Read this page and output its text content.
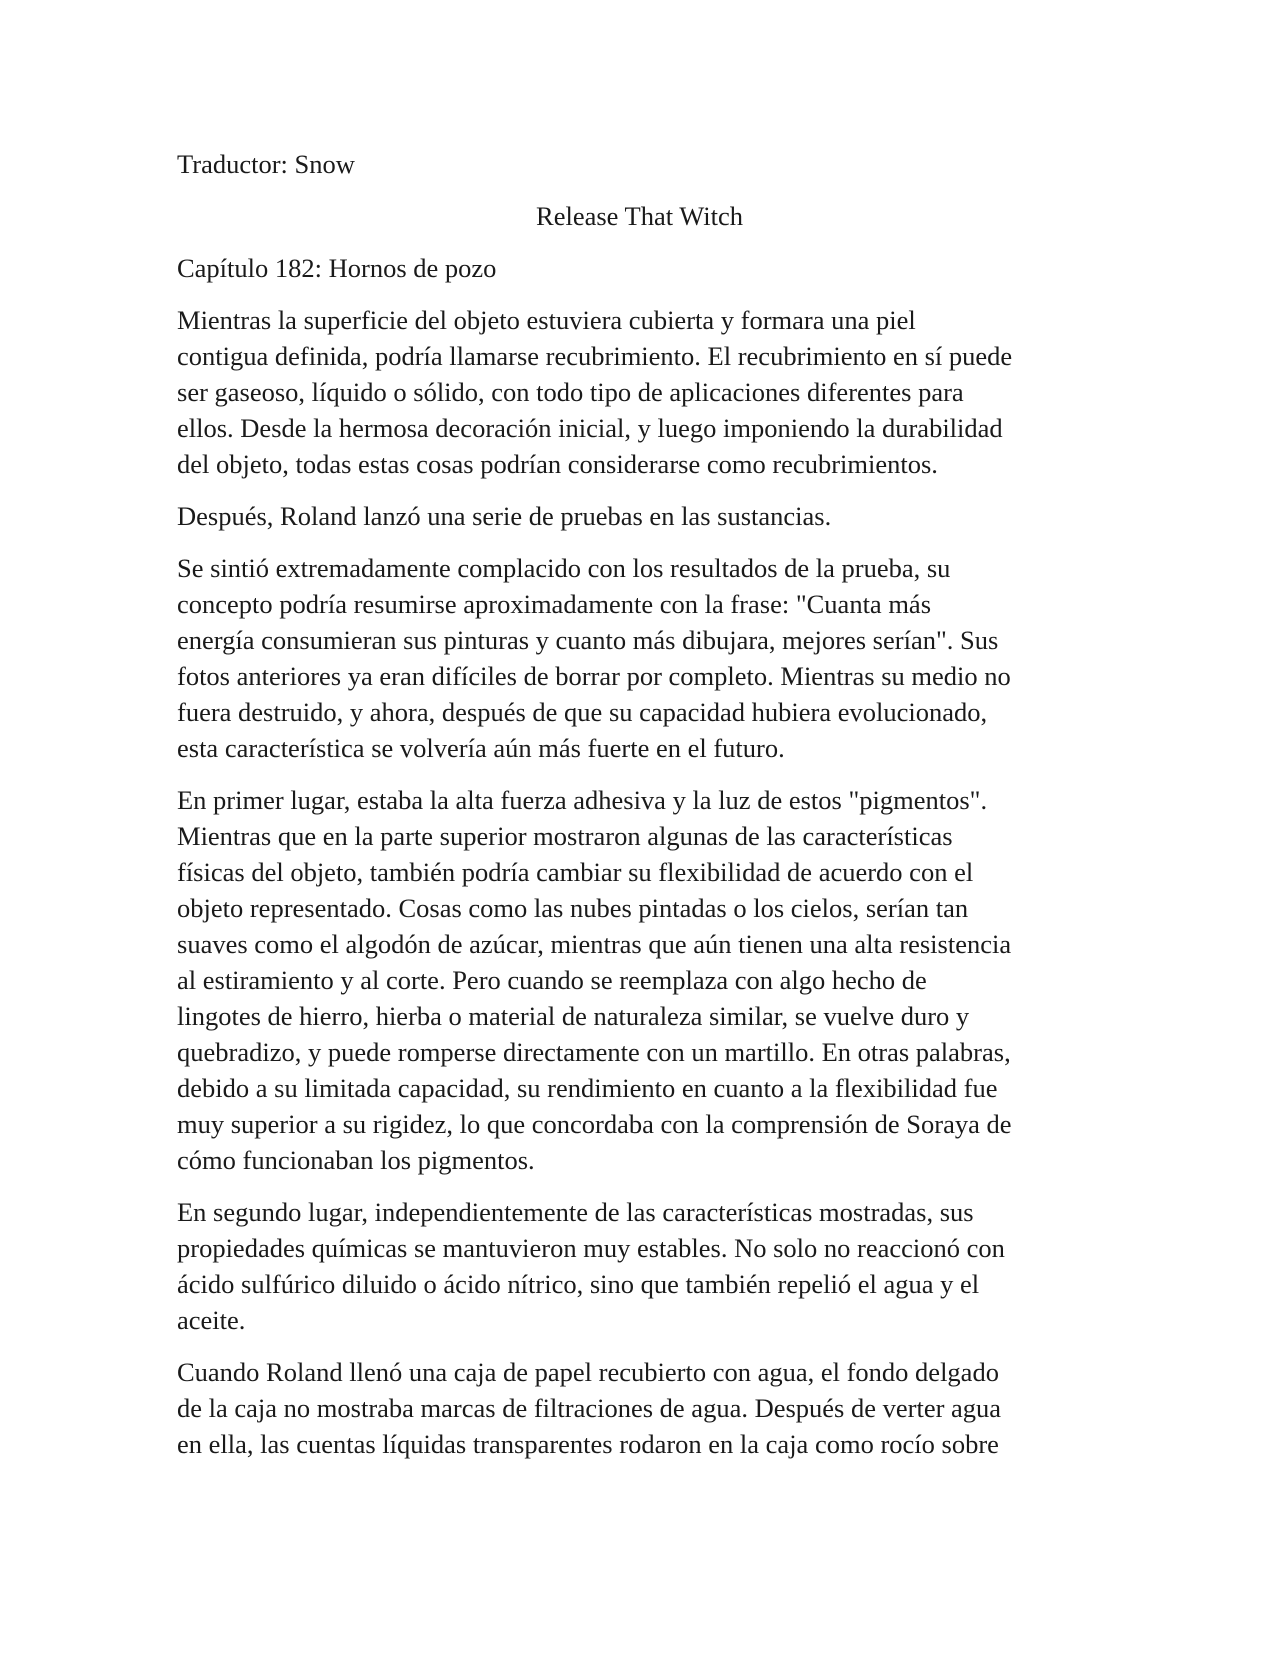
Traductor: Snow

Release That Witch

Capítulo 182: Hornos de pozo

Mientras la superficie del objeto estuviera cubierta y formara una piel

contigua definida, podría llamarse recubrimiento. El recubrimiento en sí puede

ser gaseoso, líquido o sólido, con todo tipo de aplicaciones diferentes para

ellos. Desde la hermosa decoración inicial, y luego imponiendo la durabilidad

del objeto, todas estas cosas podrían considerarse como recubrimientos.

Después, Roland lanzó una serie de pruebas en las sustancias.

Se sintió extremadamente complacido con los resultados de la prueba, su

concepto podría resumirse aproximadamente con la frase: "Cuanta más

energía consumieran sus pinturas y cuanto más dibujara, mejores serían". Sus

fotos anteriores ya eran difíciles de borrar por completo. Mientras su medio no

fuera destruido, y ahora, después de que su capacidad hubiera evolucionado,

esta característica se volvería aún más fuerte en el futuro.

En primer lugar, estaba la alta fuerza adhesiva y la luz de estos "pigmentos".

Mientras que en la parte superior mostraron algunas de las características

físicas del objeto, también podría cambiar su flexibilidad de acuerdo con el

objeto representado. Cosas como las nubes pintadas o los cielos, serían tan

suaves como el algodón de azúcar, mientras que aún tienen una alta resistencia

al estiramiento y al corte. Pero cuando se reemplaza con algo hecho de

lingotes de hierro, hierba o material de naturaleza similar, se vuelve duro y

quebradizo, y puede romperse directamente con un martillo. En otras palabras,

debido a su limitada capacidad, su rendimiento en cuanto a la flexibilidad fue

muy superior a su rigidez, lo que concordaba con la comprensión de Soraya de

cómo funcionaban los pigmentos.

En segundo lugar, independientemente de las características mostradas, sus

propiedades químicas se mantuvieron muy estables. No solo no reaccionó con

ácido sulfúrico diluido o ácido nítrico, sino que también repelió el agua y el

aceite.

Cuando Roland llenó una caja de papel recubierto con agua, el fondo delgado

de la caja no mostraba marcas de filtraciones de agua. Después de verter agua

en ella, las cuentas líquidas transparentes rodaron en la caja como rocío sobre
